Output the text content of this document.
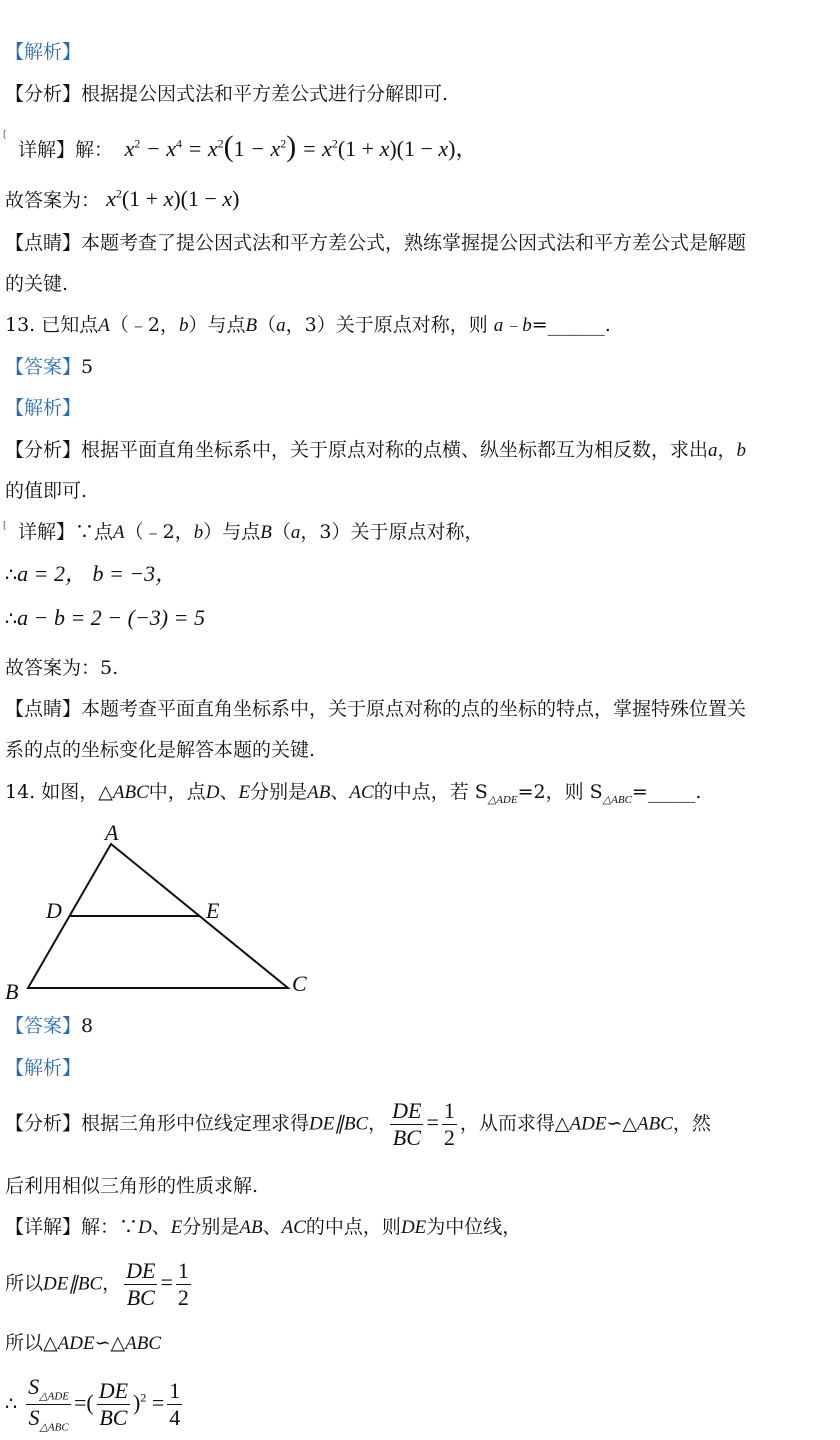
【解析】
【分析】根据提公因式法和平方差公式进行分解即可.
[
详解】解：  $x^2 - x^4 = x^2(1 - x^2) = x^2(1 + x)(1 - x)$，
故答案为： $x^2(1 + x)(1 - x)$
【点睛】本题考查了提公因式法和平方差公式，熟练掌握提公因式法和平方差公式是解题
的关键.
13. 已知点A（﹣2，b）与点B（a，3）关于原点对称，则 a﹣b=______.
【答案】5
【解析】
【分析】根据平面直角坐标系中，关于原点对称的点横、纵坐标都互为相反数，求出a，b
的值即可.
[ 详解】∵点A（﹣2，b）与点B（a，3）关于原点对称，
∴a = 2， b = −3，
∴a − b = 2 − (−3) = 5
故答案为：5.
【点睛】本题考查平面直角坐标系中，关于原点对称的点的坐标的特点，掌握特殊位置关
系的点的坐标变化是解答本题的关键.
14. 如图，△ABC中，点D、E分别是AB、AC的中点，若 $S_{\triangle ADE}=2$，则 $S_{\triangle ABC}=\_\_\_\_\_$.
A
B	C
D	E
【答案】8
【解析】
【分析】根据三角形中位线定理求得DE∥BC， $\frac{DE}{BC} = \frac{1}{2}$ ，从而求得△ADE∽△ABC，然
后利用相似三角形的性质求解.
【详解】解：∵D、E分别是AB、AC的中点，则DE为中位线，
所以DE∥BC， $\frac{DE}{BC} = \frac{1}{2}$
所以△ADE∽△ABC
∴ $\frac{S_{\triangle ADE}}{S_{\triangle ABC}}$ =( $\frac{DE}{BC} )^2 = \frac{1}{4}$
